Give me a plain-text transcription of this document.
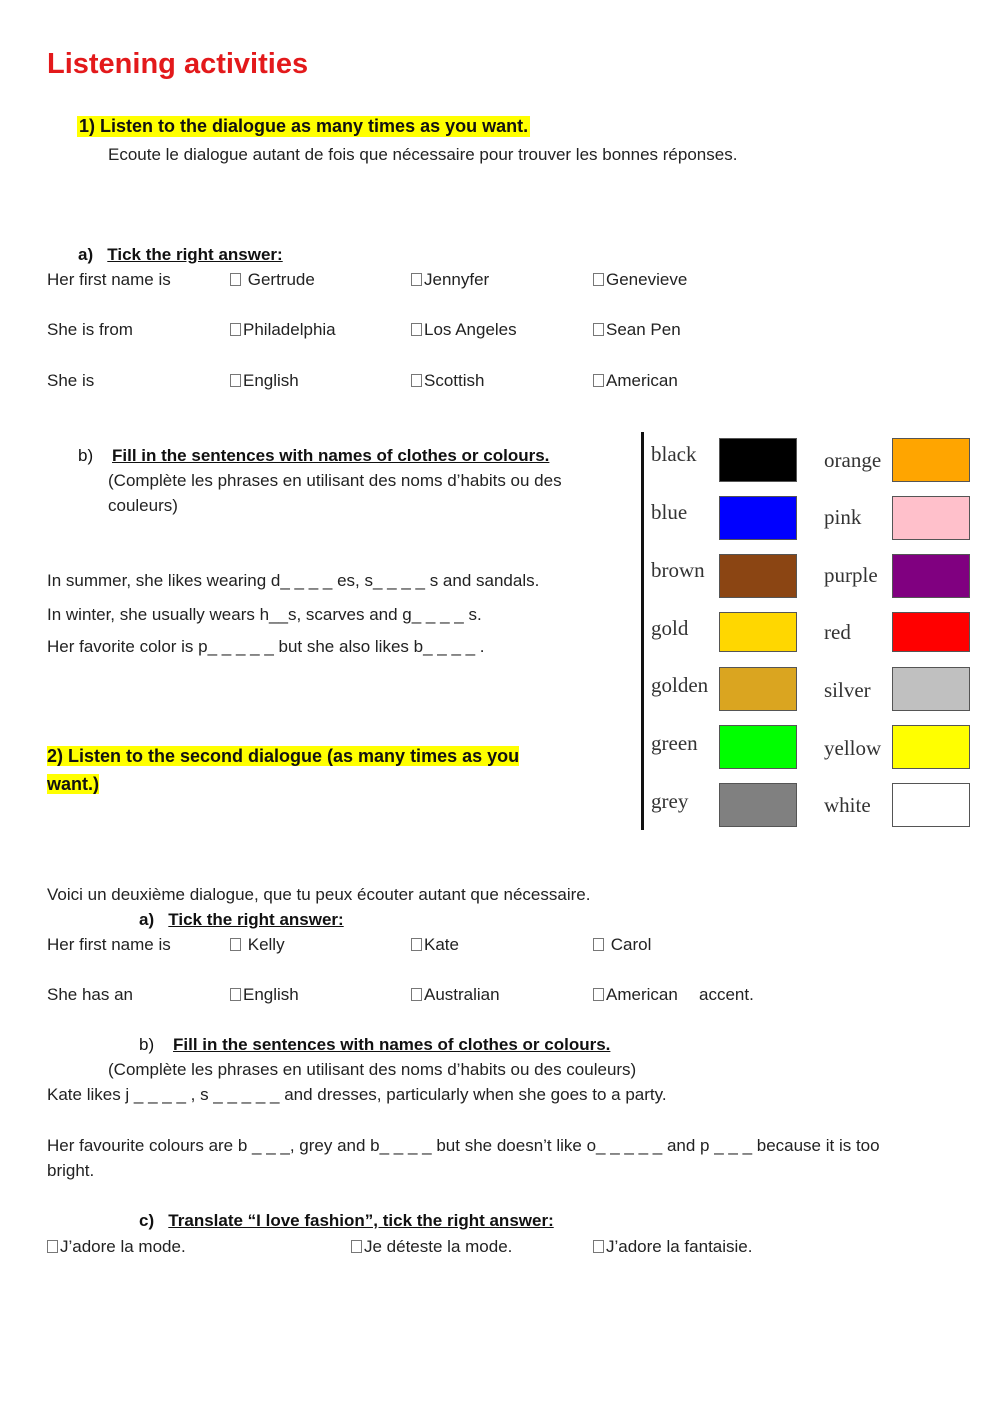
Listening activities
1) Listen to the dialogue as many times as you want.
Ecoute le dialogue autant de fois que nécessaire pour trouver les bonnes réponses.
a) Tick the right answer:
Her first name is	Gertrude	Jennyfer	Genevieve
She is from	Philadelphia	Los Angeles	Sean Pen
She is	English	Scottish	American
b) Fill in the sentences with names of clothes or colours.
(Complète les phrases en utilisant des noms d’habits ou des
couleurs)
In summer, she likes wearing d_ _ _ _ es, s_ _ _ _ s and sandals.
In winter, she usually wears h__s, scarves and g_ _ _ _ s.
Her favorite color is p_ _ _ _ _ but she also likes b_ _ _ _ .
black
blue
brown
gold
golden
green
grey
orange
pink
purple
red
silver
yellow
white
2) Listen to the second dialogue (as many times as you
want.)
Voici un deuxième dialogue, que tu peux écouter autant que nécessaire.
a) Tick the right answer:
Her first name is	Kelly	Kate	Carol
She has an	English	Australian	American accent.
b) Fill in the sentences with names of clothes or colours.
(Complète les phrases en utilisant des noms d’habits ou des couleurs)
Kate likes j _ _ _ _ , s _ _ _ _ _ and dresses, particularly when she goes to a party.
Her favourite colours are b _ _ _, grey and b_ _ _ _ but she doesn’t like o_ _ _ _ _ and p _ _ _ because it is too
bright.
c) Translate “I love fashion”, tick the right answer:
J’adore la mode.	Je déteste la mode.	J’adore la fantaisie.
